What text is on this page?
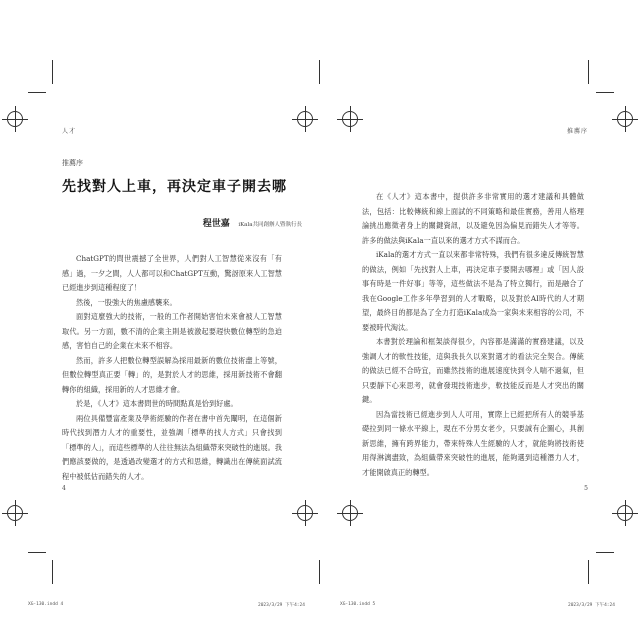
人才
推薦序
先找對人上車，再決定車子開去哪
程世嘉 iKala共同創辦人暨執行長

ChatGPT的問世震撼了全世界，人們對人工智慧從來沒有「有感」過，一夕之間，人人都可以和ChatGPT互動，驚訝原來人工智慧已經進步到這種程度了！

然後，一股強大的焦慮感襲來。

面對這麼強大的技術，一般的工作者開始害怕未來會被人工智慧取代。另一方面，數不清的企業主則是被激起要趕快數位轉型的急迫感，害怕自己的企業在未來不相容。

然而，許多人把數位轉型誤解為採用最新的數位技術盡上等號，但數位轉型真正要「轉」的，是對於人才的思維，採用新技術不會翻轉你的組織，採用新的人才思維才會。

於是，《人才》這本書問世的時間點真是恰到好處。

兩位具備豐富產業及學術經驗的作者在書中首先闡明，在這個新時代找到潛力人才的重要性，並強調「標準的找人方式」只會找到「標準的人」，而這些標準的人往往無法為組織帶來突破性的進展。我們應該要做的，是透過改變選才的方式和思維，轉識出在傳統面試流程中被低估而錯失的人才。

4
推薦序

在《人才》這本書中，提供許多非常實用的選才建議和具體做法，包括：比較傳統和線上面試的不同策略和最佳實務，善用人格理論挑出應徵者身上的關鍵資訊，以及避免因為偏見而錯失人才等等。許多的做法與iKala一直以來的選才方式不謀而合。

iKala的選才方式一直以來都非常特殊，我們有很多違反傳統智慧的做法，例如「先找對人上車，再決定車子要開去哪裡」或「因人設事有時是一件好事」等等，這些做法不是為了特立獨行，而是融合了我在Google工作多年學習到的人才戰略，以及對於AI時代的人才期望，最終目的都是為了全力打造iKala成為一家與未來相容的公司，不要被時代淘汰。

本書對於理論和框架談得很少，內容都是滿滿的實務建議，以及強調人才的軟性技能，這與我長久以來對選才的看法完全契合。傳統的做法已經不合時宜，而雖然技術的進展速度快到令人喘不過氣，但只要靜下心來思考，就會發現技術進步，軟技能反而是人才突出的關鍵。

因為當技術已經進步到人人可用，實際上已經把所有人的競爭基礎拉到同一條水平線上，現在不分男女老少，只要誠有企圖心，具創新思維，擁有跨界能力，帶來特殊人生經驗的人才，就能夠將技術使用得淋漓盡致，為組織帶來突破性的進展，能夠選到這種潛力人才，才能開啟真正的轉型。

5
XG-130.indd 4	2023/3/29 下午4:24	XG-130.indd 5	2023/3/29 下午4:24
